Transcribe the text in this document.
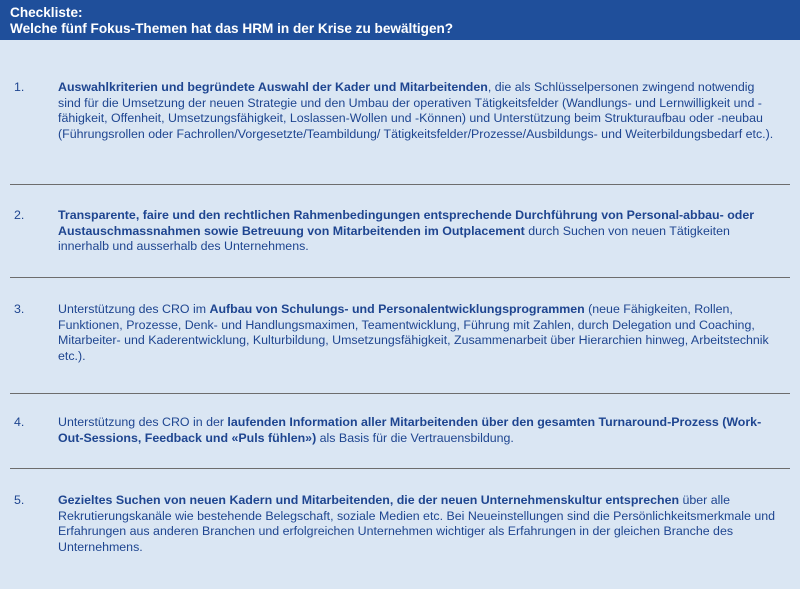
Checkliste:
Welche fünf Fokus-Themen hat das HRM in der Krise zu bewältigen?
1.	Auswahlkriterien und begründete Auswahl der Kader und Mitarbeitenden, die als Schlüsselpersonen zwingend notwendig sind für die Umsetzung der neuen Strategie und den Umbau der operativen Tätigkeitsfelder (Wandlungs- und Lernwilligkeit und -fähigkeit, Offenheit, Umsetzungsfähigkeit, Loslassen-Wollen und -Können) und Unterstützung beim Strukturaufbau oder -neubau (Führungsrollen oder Fachrollen/Vorgesetzte/Teambildung/ Tätigkeitsfelder/Prozesse/Ausbildungs- und Weiterbildungsbedarf etc.).
2.	Transparente, faire und den rechtlichen Rahmenbedingungen entsprechende Durchführung von Personal-abbau- oder Austauschmassnahmen sowie Betreuung von Mitarbeitenden im Outplacement durch Suchen von neuen Tätigkeiten innerhalb und ausserhalb des Unternehmens.
3.	Unterstützung des CRO im Aufbau von Schulungs- und Personalentwicklungsprogrammen (neue Fähigkeiten, Rollen, Funktionen, Prozesse, Denk- und Handlungsmaximen, Teamentwicklung, Führung mit Zahlen, durch Delegation und Coaching, Mitarbeiter- und Kaderentwicklung, Kulturbildung, Umsetzungsfähigkeit, Zusammenarbeit über Hierarchien hinweg, Arbeitstechnik etc.).
4.	Unterstützung des CRO in der laufenden Information aller Mitarbeitenden über den gesamten Turnaround-Prozess (Work-Out-Sessions, Feedback und «Puls fühlen») als Basis für die Vertrauensbildung.
5.	Gezieltes Suchen von neuen Kadern und Mitarbeitenden, die der neuen Unternehmenskultur entsprechen über alle Rekrutierungskanäle wie bestehende Belegschaft, soziale Medien etc. Bei Neueinstellungen sind die Persönlichkeitsmerkmale und Erfahrungen aus anderen Branchen und erfolgreichen Unternehmen wichtiger als Erfahrungen in der gleichen Branche des Unternehmens.
